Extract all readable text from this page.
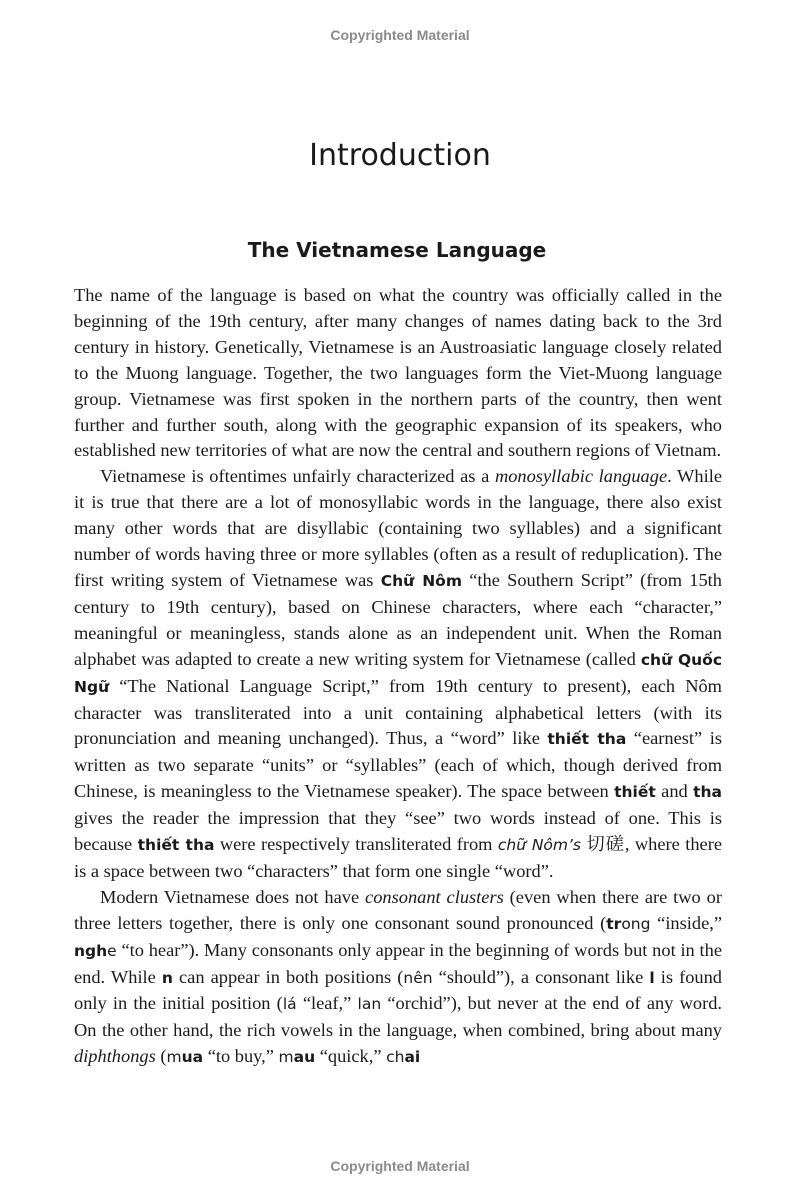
Copyrighted Material
Introduction
The Vietnamese Language

The name of the language is based on what the country was officially called in the beginning of the 19th century, after many changes of names dating back to the 3rd century in history. Genetically, Vietnamese is an Austroasiatic language closely related to the Muong language. Together, the two languages form the Viet-Muong language group. Vietnamese was first spoken in the northern parts of the country, then went further and further south, along with the geographic expansion of its speakers, who established new territories of what are now the central and southern regions of Vietnam.

Vietnamese is oftentimes unfairly characterized as a monosyllabic language. While it is true that there are a lot of monosyllabic words in the language, there also exist many other words that are disyllabic (containing two syllables) and a significant number of words having three or more syllables (often as a result of reduplication). The first writing system of Vietnamese was Chữ Nôm “the Southern Script” (from 15th century to 19th century), based on Chinese characters, where each “character,” meaningful or meaningless, stands alone as an independent unit. When the Roman alphabet was adapted to create a new writing system for Vietnamese (called chữ Quốc Ngữ “The National Language Script,” from 19th century to present), each Nôm character was transliterated into a unit containing alphabetical letters (with its pronunciation and meaning unchanged). Thus, a “word” like thiết tha “earnest” is written as two separate “units” or “syllables” (each of which, though derived from Chinese, is meaningless to the Vietnamese speaker). The space between thiết and tha gives the reader the impression that they “see” two words instead of one. This is because thiết tha were respectively transliterated from chữ Nôm’s 切磋, where there is a space between two “characters” that form one single “word”.

Modern Vietnamese does not have consonant clusters (even when there are two or three letters together, there is only one consonant sound pronounced (trong “inside,” nghe “to hear”). Many consonants only appear in the beginning of words but not in the end. While n can appear in both positions (nên “should”), a consonant like l is found only in the initial position (lá “leaf,” lan “orchid”), but never at the end of any word. On the other hand, the rich vowels in the language, when combined, bring about many diphthongs (mua “to buy,” mau “quick,” chai

Copyrighted Material
